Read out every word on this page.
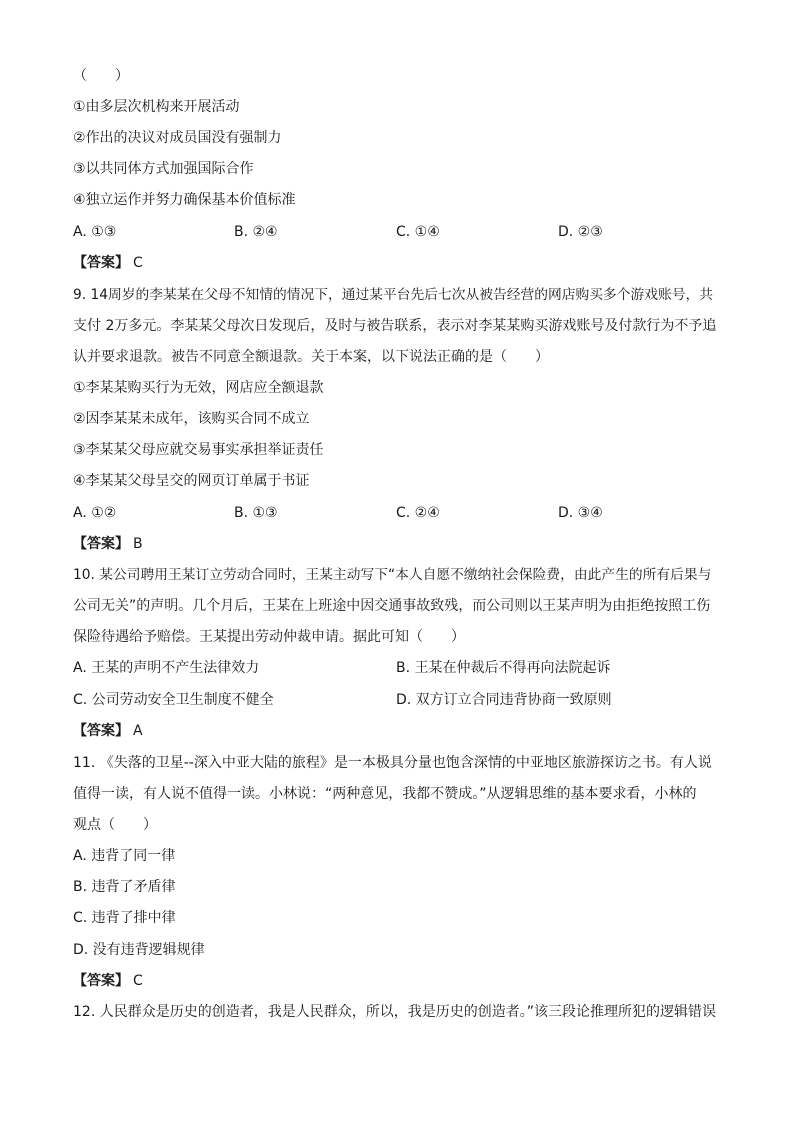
（　　）
①由多层次机构来开展活动
②作出的决议对成员国没有强制力
③以共同体方式加强国际合作
④独立运作并努力确保基本价值标准
A. ①③	B. ②④	C. ①④	D. ②③
【答案】 C
9. 14周岁的李某某在父母不知情的情况下，通过某平台先后七次从被告经营的网店购买多个游戏账号，共
支付 2万多元。李某某父母次日发现后，及时与被告联系，表示对李某某购买游戏账号及付款行为不予追
认并要求退款。被告不同意全额退款。关于本案，以下说法正确的是（　　）
①李某某购买行为无效，网店应全额退款
②因李某某未成年，该购买合同不成立
③李某某父母应就交易事实承担举证责任
④李某某父母呈交的网页订单属于书证
A. ①②	B. ①③	C. ②④	D. ③④
【答案】 B
10. 某公司聘用王某订立劳动合同时，王某主动写下“本人自愿不缴纳社会保险费，由此产生的所有后果与
公司无关”的声明。几个月后，王某在上班途中因交通事故致残，而公司则以王某声明为由拒绝按照工伤
保险待遇给予赔偿。王某提出劳动仲裁申请。据此可知（　　）
A. 王某的声明不产生法律效力	B. 王某在仲裁后不得再向法院起诉
C. 公司劳动安全卫生制度不健全	D. 双方订立合同违背协商一致原则
【答案】 A
11. 《失落的卫星--深入中亚大陆的旅程》是一本极具分量也饱含深情的中亚地区旅游探访之书。有人说
值得一读，有人说不值得一读。小林说：“两种意见，我都不赞成。”从逻辑思维的基本要求看，小林的
观点（　　）
A. 违背了同一律
B. 违背了矛盾律
C. 违背了排中律
D. 没有违背逻辑规律
【答案】 C
12. 人民群众是历史的创造者，我是人民群众，所以，我是历史的创造者。”该三段论推理所犯的逻辑错误
